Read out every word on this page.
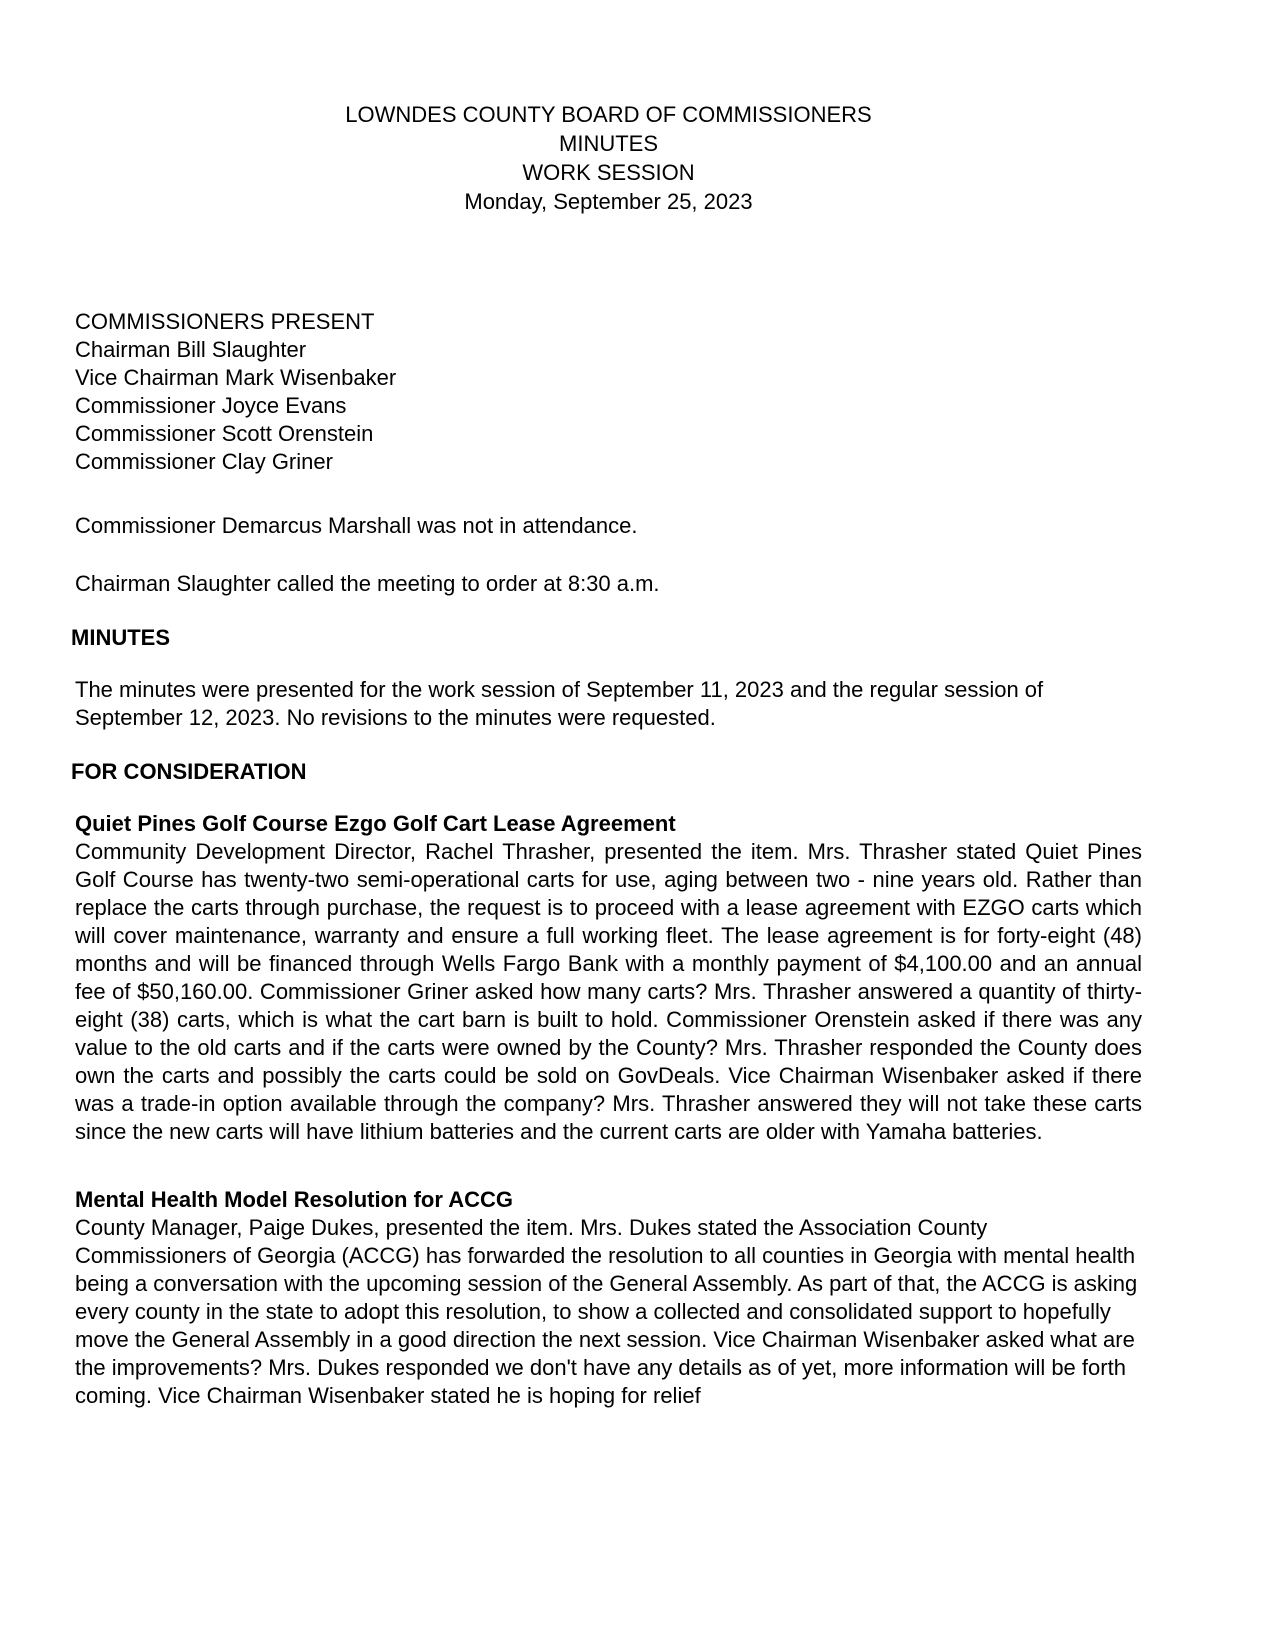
LOWNDES COUNTY BOARD OF COMMISSIONERS
MINUTES
WORK SESSION
Monday, September 25, 2023
COMMISSIONERS PRESENT
Chairman Bill Slaughter
Vice Chairman Mark Wisenbaker
Commissioner Joyce Evans
Commissioner Scott Orenstein
Commissioner Clay Griner
Commissioner Demarcus Marshall was not in attendance.
Chairman Slaughter called the meeting to order at 8:30 a.m.
MINUTES
The minutes were presented for the work session of September 11, 2023 and the regular session of September 12, 2023. No revisions to the minutes were requested.
FOR CONSIDERATION
Quiet Pines Golf Course Ezgo Golf Cart Lease Agreement
Community Development Director, Rachel Thrasher, presented the item. Mrs. Thrasher stated Quiet Pines Golf Course has twenty-two semi-operational carts for use, aging between two - nine years old. Rather than replace the carts through purchase, the request is to proceed with a lease agreement with EZGO carts which will cover maintenance, warranty and ensure a full working fleet. The lease agreement is for forty-eight (48) months and will be financed through Wells Fargo Bank with a monthly payment of $4,100.00 and an annual fee of $50,160.00. Commissioner Griner asked how many carts? Mrs. Thrasher answered a quantity of thirty-eight (38) carts, which is what the cart barn is built to hold. Commissioner Orenstein asked if there was any value to the old carts and if the carts were owned by the County? Mrs. Thrasher responded the County does own the carts and possibly the carts could be sold on GovDeals. Vice Chairman Wisenbaker asked if there was a trade-in option available through the company? Mrs. Thrasher answered they will not take these carts since the new carts will have lithium batteries and the current carts are older with Yamaha batteries.
Mental Health Model Resolution for ACCG
County Manager, Paige Dukes, presented the item. Mrs. Dukes stated the Association County Commissioners of Georgia (ACCG) has forwarded the resolution to all counties in Georgia with mental health being a conversation with the upcoming session of the General Assembly. As part of that, the ACCG is asking every county in the state to adopt this resolution, to show a collected and consolidated support to hopefully move the General Assembly in a good direction the next session. Vice Chairman Wisenbaker asked what are the improvements? Mrs. Dukes responded we don't have any details as of yet, more information will be forth coming. Vice Chairman Wisenbaker stated he is hoping for relief
